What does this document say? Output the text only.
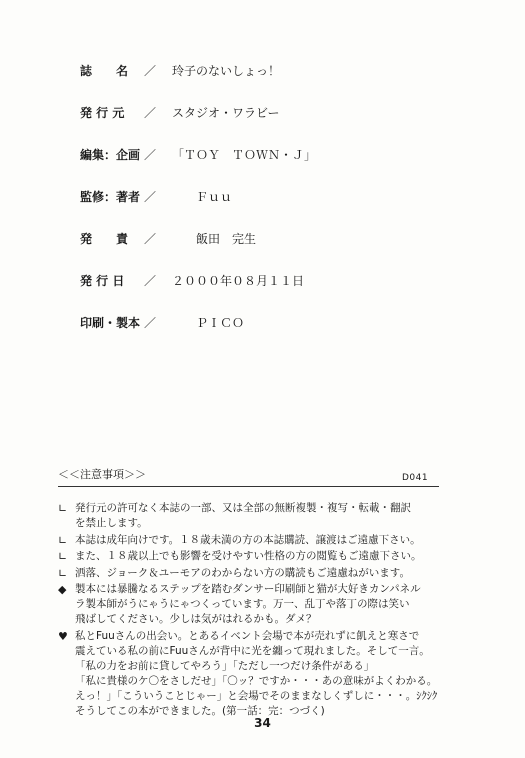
誌　　名 ／ 玲子のないしょっ！
発 行 元 ／ スタジオ・ワラビー
編集：企画 ／ 「ＴＯＹ　ＴＯＷＮ・Ｊ」
監修：著者 ／ 　　Ｆｕｕ
発　　責 ／ 　　飯田　完生
発 行 日 ／ ２０００年０８月１１日
印刷・製本 ／ 　　ＰＩＣＯ
＜＜注意事項＞＞	D041
∟ 発行元の許可なく本誌の一部、又は全部の無断複製・複写・転載・翻訳
を禁止します。
∟ 本誌は成年向けです。１８歳未満の方の本誌購読、譲渡はご遠慮下さい。
∟ また、１８歳以上でも影響を受けやすい性格の方の閲覧もご遠慮下さい。
∟ 洒落、ジョーク＆ユーモアのわからない方の購読もご遠慮ねがいます。
◆ 製本には暴騰なるステップを踏むダンサー印刷師と猫が大好きカンパネル
ラ製本師がうにゃうにゃつくっています。万一、乱丁や落丁の際は笑い
飛ばしてください。少しは気がはれるかも。ダメ？
♥ 私とFuuさんの出会い。とあるイベント会場で本が売れずに飢えと寒さで
震えている私の前にFuuさんが背中に光を纏って現れました。そして一言。
「私の力をお前に貸してやろう」「ただし一つだけ条件がある」
「私に貴様のケ〇をさしだせ」「〇ッ？ですか・・・あの意味がよくわかる。
えっ！」「こういうことじゃー」と会場でそのままなしくずしに・・・。ｼｸｼｸ
そうしてこの本ができました。(第一話：完：つづく)
34
